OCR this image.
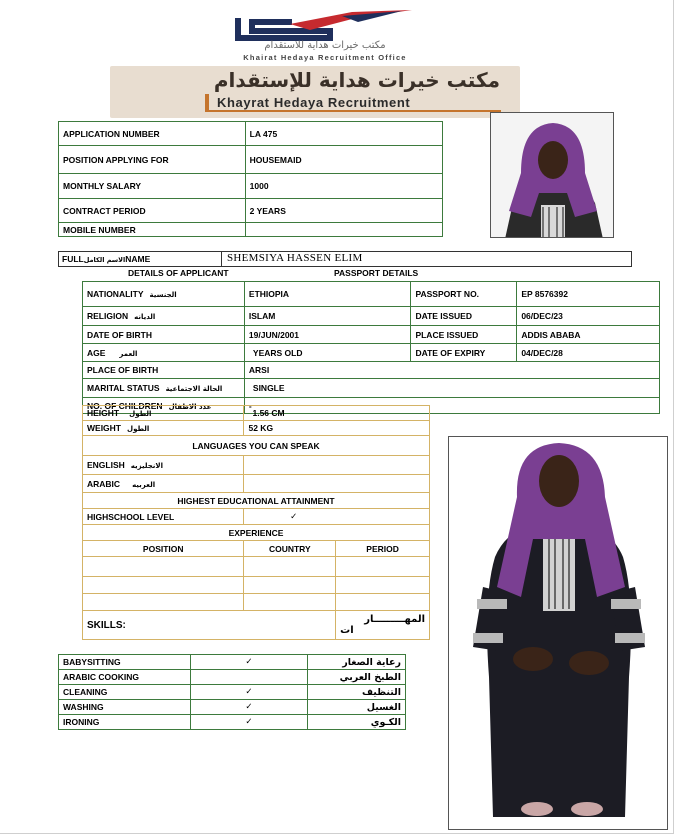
مكتب خيرات هداية للاستقدام
Khairat Hedaya Recruitment Office
مكتب خيرات هداية للإستقدام
Khayrat Hedaya Recruitment
APPLICATION NUMBER	LA 475
POSITION APPLYING FOR	HOUSEMAID
MONTHLY SALARY	1000
CONTRACT PERIOD	2 YEARS
MOBILE NUMBER	
FULLالاسم الكاملNAME	SHEMSIYA HASSEN ELIM
DETAILS OF APPLICANT	PASSPORT DETAILS
NATIONALITY الجنسية	ETHIOPIA	PASSPORT NO.	EP 8576392
RELIGION الديانه	ISLAM	DATE ISSUED	06/DEC/23
DATE OF BIRTH	19/JUN/2001	PLACE ISSUED	ADDIS ABABA
AGE العمر	YEARS OLD	DATE OF EXPIRY	04/DEC/28
PLACE OF BIRTH	ARSI		
MARITAL STATUS الحالة الاجتماعية	SINGLE		
NO. OF CHILDREN عدد الاطفال	-		
HEIGHT الطول	1.56 CM	
WEIGHT الطول	52 KG	
LANGUAGES YOU CAN SPEAK		
ENGLISH الانجليزيه		
ARABIC العربيه		
HIGHEST EDUCATIONAL ATTAINMENT		
HIGHSCHOOL LEVEL	✓	
EXPERIENCE		
POSITION	COUNTRY	PERIOD

SKILLS:		المهـــــــــار
ات
BABYSITTING	✓	رعاية الصغار
ARABIC COOKING		الطبخ العربي
CLEANING	✓	التنظيف
WASHING	✓	الغسيل
IRONING	✓	الكـوي
